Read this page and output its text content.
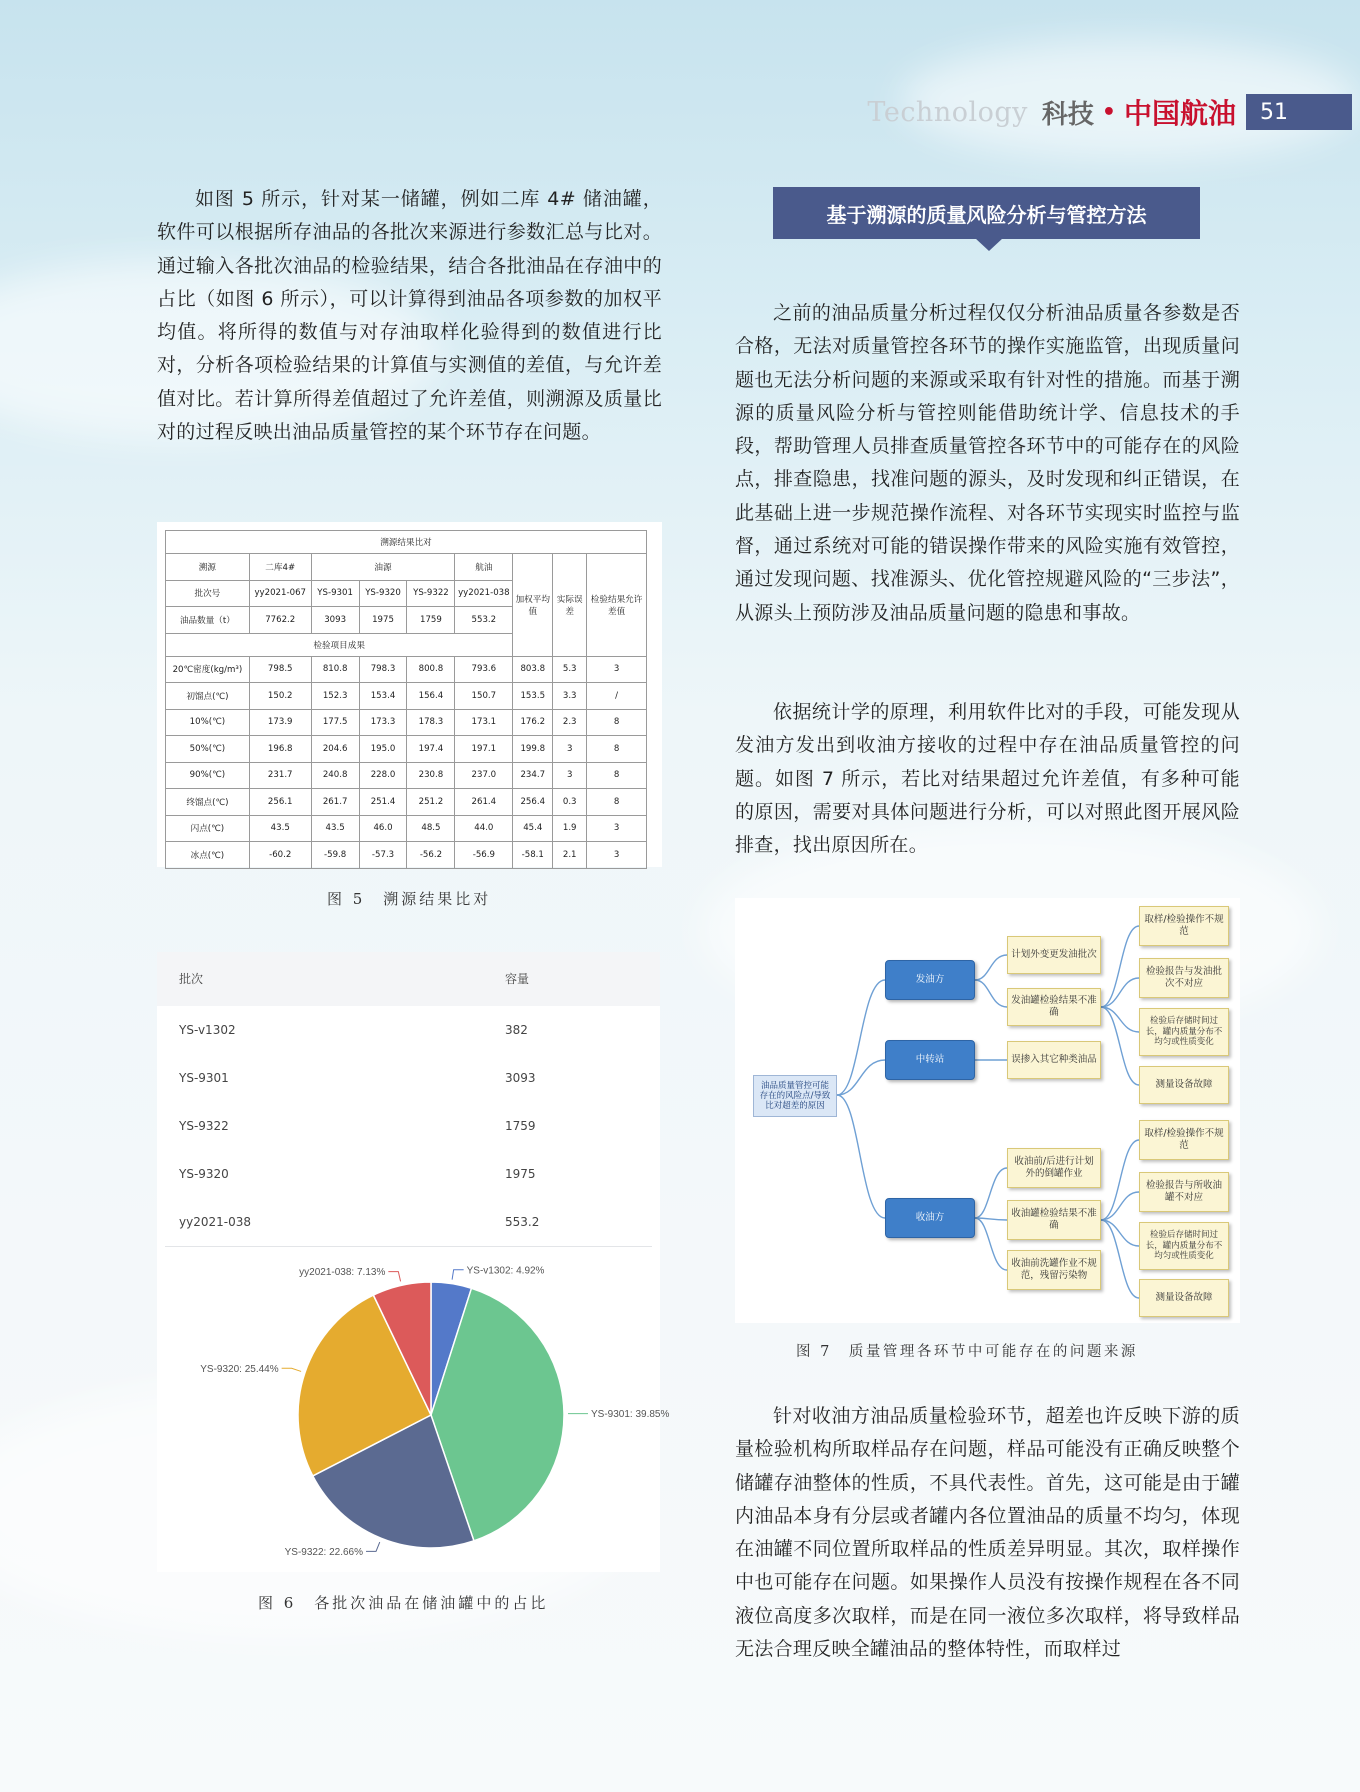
Technology 科技 • 中国航油	51

如图 5 所示，针对某一储罐，例如二库 4# 储油罐，软件可以根据所存油品的各批次来源进行参数汇总与比对。通过输入各批次油品的检验结果，结合各批油品在存油中的占比（如图 6 所示），可以计算得到油品各项参数的加权平均值。将所得的数值与对存油取样化验得到的数值进行比对，分析各项检验结果的计算值与实测值的差值，与允许差值对比。若计算所得差值超过了允许差值，则溯源及质量比对的过程反映出油品质量管控的某个环节存在问题。

基于溯源的质量风险分析与管控方法

之前的油品质量分析过程仅仅分析油品质量各参数是否合格，无法对质量管控各环节的操作实施监管，出现质量问题也无法分析问题的来源或采取有针对性的措施。而基于溯源的质量风险分析与管控则能借助统计学、信息技术的手段，帮助管理人员排查质量管控各环节中的可能存在的风险点，排查隐患，找准问题的源头，及时发现和纠正错误，在此基础上进一步规范操作流程、对各环节实现实时监控与监督，通过系统对可能的错误操作带来的风险实施有效管控，通过发现问题、找准源头、优化管控规避风险的“三步法”，从源头上预防涉及油品质量问题的隐患和事故。

依据统计学的原理，利用软件比对的手段，可能发现从发油方发出到收油方接收的过程中存在油品质量管控的问题。如图 7 所示，若比对结果超过允许差值，有多种可能的原因，需要对具体问题进行分析，可以对照此图开展风险排查，找出原因所在。

针对收油方油品质量检验环节，超差也许反映下游的质量检验机构所取样品存在问题，样品可能没有正确反映整个储罐存油整体的性质，不具代表性。首先，这可能是由于罐内油品本身有分层或者罐内各位置油品的质量不均匀，体现在油罐不同位置所取样品的性质差异明显。其次，取样操作中也可能存在问题。如果操作人员没有按操作规程在各不同液位高度多次取样，而是在同一液位多次取样，将导致样品无法合理反映全罐油品的整体特性，而取样过

溯源结果比对								
溯源	二库4#	油源			航油	加权平均值	实际误差	检验结果允许差值
批次号	yy2021-067	YS-9301	YS-9320	YS-9322	yy2021-038			
油品数量（t）	7762.2	3093	1975	1759	553.2			
检验项目成果								
20℃密度(kg/m³)	798.5	810.8	798.3	800.8	793.6	803.8	5.3	3
初馏点(℃)	150.2	152.3	153.4	156.4	150.7	153.5	3.3	/
10%(℃)	173.9	177.5	173.3	178.3	173.1	176.2	2.3	8
50%(℃)	196.8	204.6	195.0	197.4	197.1	199.8	3	8
90%(℃)	231.7	240.8	228.0	230.8	237.0	234.7	3	8
终馏点(℃)	256.1	261.7	251.4	251.2	261.4	256.4	0.3	8
闪点(℃)	43.5	43.5	46.0	48.5	44.0	45.4	1.9	3
冰点(℃)	-60.2	-59.8	-57.3	-56.2	-56.9	-58.1	2.1	3
图 5　溯源结果比对
批次	容量
YS-v1302	382
YS-9301	3093
YS-9322	1759
YS-9320	1975
yy2021-038	553.2
YS-v1302: 4.92%
YS-9301: 39.85%
YS-9322: 22.66%
YS-9320: 25.44%
yy2021-038: 7.13%
图 6　各批次油品在储油罐中的占比
油品质量管控可能存在的风险点/导致比对超差的原因
发油方
中转站
收油方
计划外变更发油批次
发油罐检验结果不准确
误掺入其它种类油品
取样/检验操作不规范
检验报告与发油批次不对应
检验后存储时间过长，罐内质量分布不均匀或性质变化
测量设备故障
收油前/后进行计划外的倒罐作业
收油罐检验结果不准确
收油前洗罐作业不规范，残留污染物
取样/检验操作不规范
检验报告与所收油罐不对应
检验后存储时间过长，罐内质量分布不均匀或性质变化
测量设备故障
图 7　质量管理各环节中可能存在的问题来源
